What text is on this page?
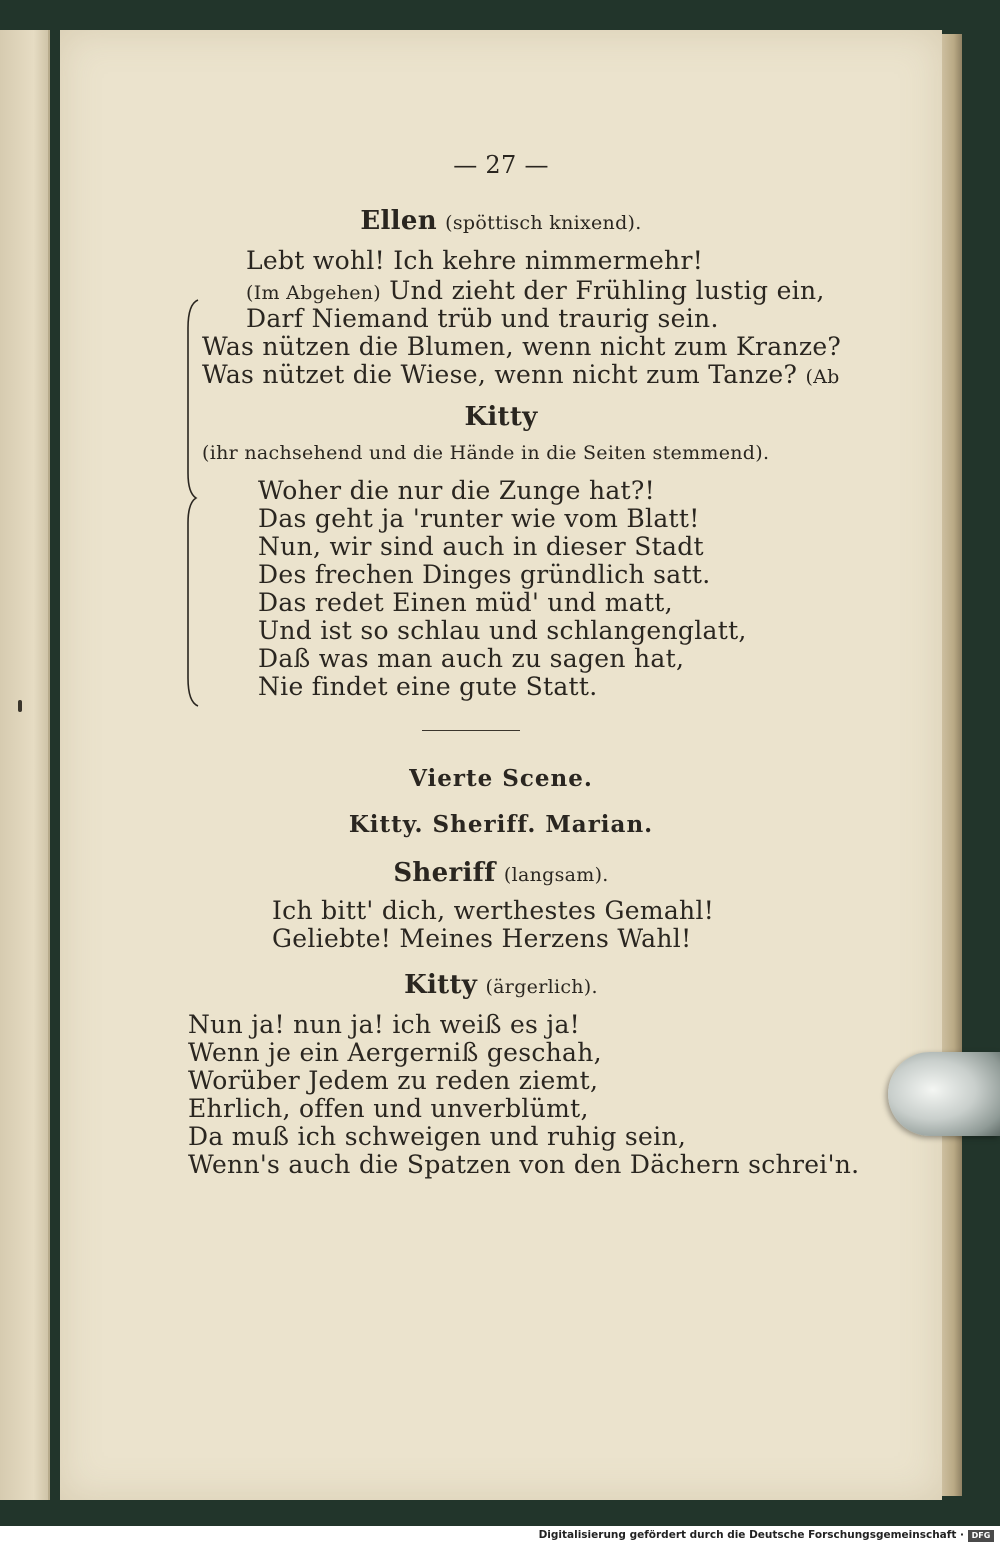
— 27 —
Ellen (spöttisch knixend).
Lebt wohl! Ich kehre nimmermehr!
(Im Abgehen) Und zieht der Frühling lustig ein,
Darf Niemand trüb und traurig sein.
Was nützen die Blumen, wenn nicht zum Kranze?
Was nützet die Wiese, wenn nicht zum Tanze? (Ab
Kitty
(ihr nachsehend und die Hände in die Seiten stemmend).
Woher die nur die Zunge hat?!
Das geht ja 'runter wie vom Blatt!
Nun, wir sind auch in dieser Stadt
Des frechen Dinges gründlich satt.
Das redet Einen müd' und matt,
Und ist so schlau und schlangenglatt,
Daß was man auch zu sagen hat,
Nie findet eine gute Statt.
Vierte Scene.
Kitty. Sheriff. Marian.
Sheriff (langsam).
Ich bitt' dich, werthestes Gemahl!
Geliebte! Meines Herzens Wahl!
Kitty (ärgerlich).
Nun ja! nun ja! ich weiß es ja!
Wenn je ein Aergerniß geschah,
Worüber Jedem zu reden ziemt,
Ehrlich, offen und unverblümt,
Da muß ich schweigen und ruhig sein,
Wenn's auch die Spatzen von den Dächern schrei'n.
Digitalisierung gefördert durch die Deutsche Forschungsgemeinschaft · DFG
